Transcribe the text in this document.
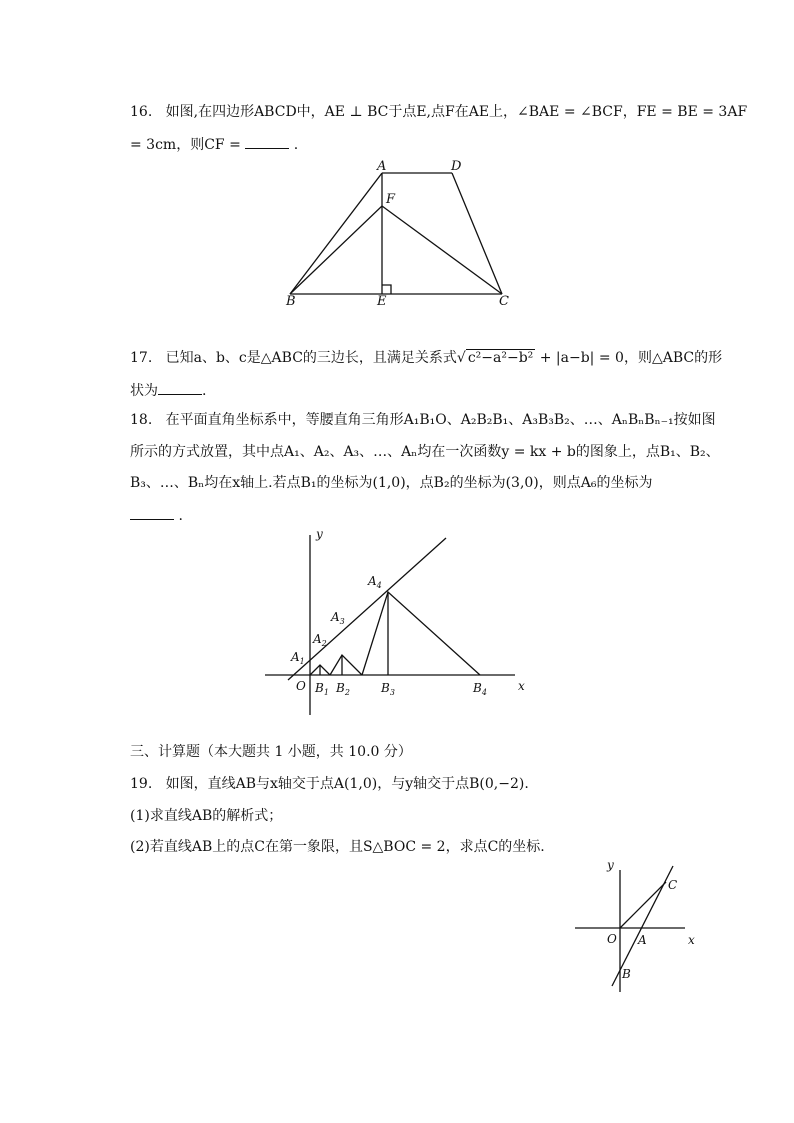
16. 如图,在四边形ABCD中，AE ⊥ BC于点E,点F在AE上，∠BAE = ∠BCF，FE = BE = 3AF
= 3cm，则CF =	.
A	D
F
B	E	C
17. 已知a、b、c是△ABC的三边长，且满足关系式√ c²−a²−b² + |a−b| = 0，则△ABC的形
状为	.
18. 在平面直角坐标系中，等腰直角三角形A₁B₁O、A₂B₂B₁、A₃B₃B₂、…、AₙBₙBₙ₋₁按如图
所示的方式放置，其中点A₁、A₂、A₃、…、Aₙ均在一次函数y = kx + b的图象上，点B₁、B₂、
B₃、…、Bₙ均在x轴上.若点B₁的坐标为(1,0)，点B₂的坐标为(3,0)，则点A₆的坐标为
.
y
x
O
$A_1$
$A_2$
$A_3$
$A_4$
$B_1$ $B_2$	$B_3$	$B_4$
三、计算题（本大题共 1 小题，共 10.0 分）
19. 如图，直线AB与x轴交于点A(1,0)，与y轴交于点B(0,−2).
(1)求直线AB的解析式；
(2)若直线AB上的点C在第一象限，且S△BOC = 2，求点C的坐标.
y
x
O A
B
C
